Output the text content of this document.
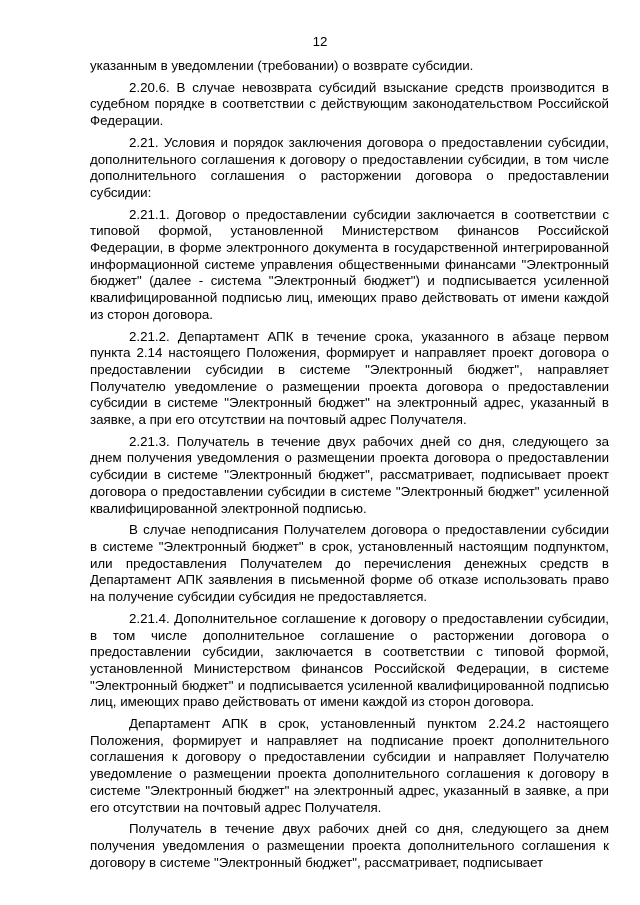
12

указанным в уведомлении (требовании) о возврате субсидии.

2.20.6. В случае невозврата субсидий взыскание средств производится в судебном порядке в соответствии с действующим законодательством Российской Федерации.

2.21. Условия и порядок заключения договора о предоставлении субсидии, дополнительного соглашения к договору о предоставлении субсидии, в том числе дополнительного соглашения о расторжении договора о предоставлении субсидии:

2.21.1. Договор о предоставлении субсидии заключается в соответствии с типовой формой, установленной Министерством финансов Российской Федерации, в форме электронного документа в государственной интегрированной информационной системе управления общественными финансами "Электронный бюджет" (далее - система "Электронный бюджет") и подписывается усиленной квалифицированной подписью лиц, имеющих право действовать от имени каждой из сторон договора.

2.21.2. Департамент АПК в течение срока, указанного в абзаце первом пункта 2.14 настоящего Положения, формирует и направляет проект договора о предоставлении субсидии в системе "Электронный бюджет", направляет Получателю уведомление о размещении проекта договора о предоставлении субсидии в системе "Электронный бюджет" на электронный адрес, указанный в заявке, а при его отсутствии на почтовый адрес Получателя.

2.21.3. Получатель в течение двух рабочих дней со дня, следующего за днем получения уведомления о размещении проекта договора о предоставлении субсидии в системе "Электронный бюджет", рассматривает, подписывает проект договора о предоставлении субсидии в системе "Электронный бюджет" усиленной квалифицированной электронной подписью.

В случае неподписания Получателем договора о предоставлении субсидии в системе "Электронный бюджет" в срок, установленный настоящим подпунктом, или предоставления Получателем до перечисления денежных средств в Департамент АПК заявления в письменной форме об отказе использовать право на получение субсидии субсидия не предоставляется.

2.21.4. Дополнительное соглашение к договору о предоставлении субсидии, в том числе дополнительное соглашение о расторжении договора о предоставлении субсидии, заключается в соответствии с типовой формой, установленной Министерством финансов Российской Федерации, в системе "Электронный бюджет" и подписывается усиленной квалифицированной подписью лиц, имеющих право действовать от имени каждой из сторон договора.

Департамент АПК в срок, установленный пунктом 2.24.2 настоящего Положения, формирует и направляет на подписание проект дополнительного соглашения к договору о предоставлении субсидии и направляет Получателю уведомление о размещении проекта дополнительного соглашения к договору в системе "Электронный бюджет" на электронный адрес, указанный в заявке, а при его отсутствии на почтовый адрес Получателя.

Получатель в течение двух рабочих дней со дня, следующего за днем получения уведомления о размещении проекта дополнительного соглашения к договору в системе "Электронный бюджет", рассматривает, подписывает
